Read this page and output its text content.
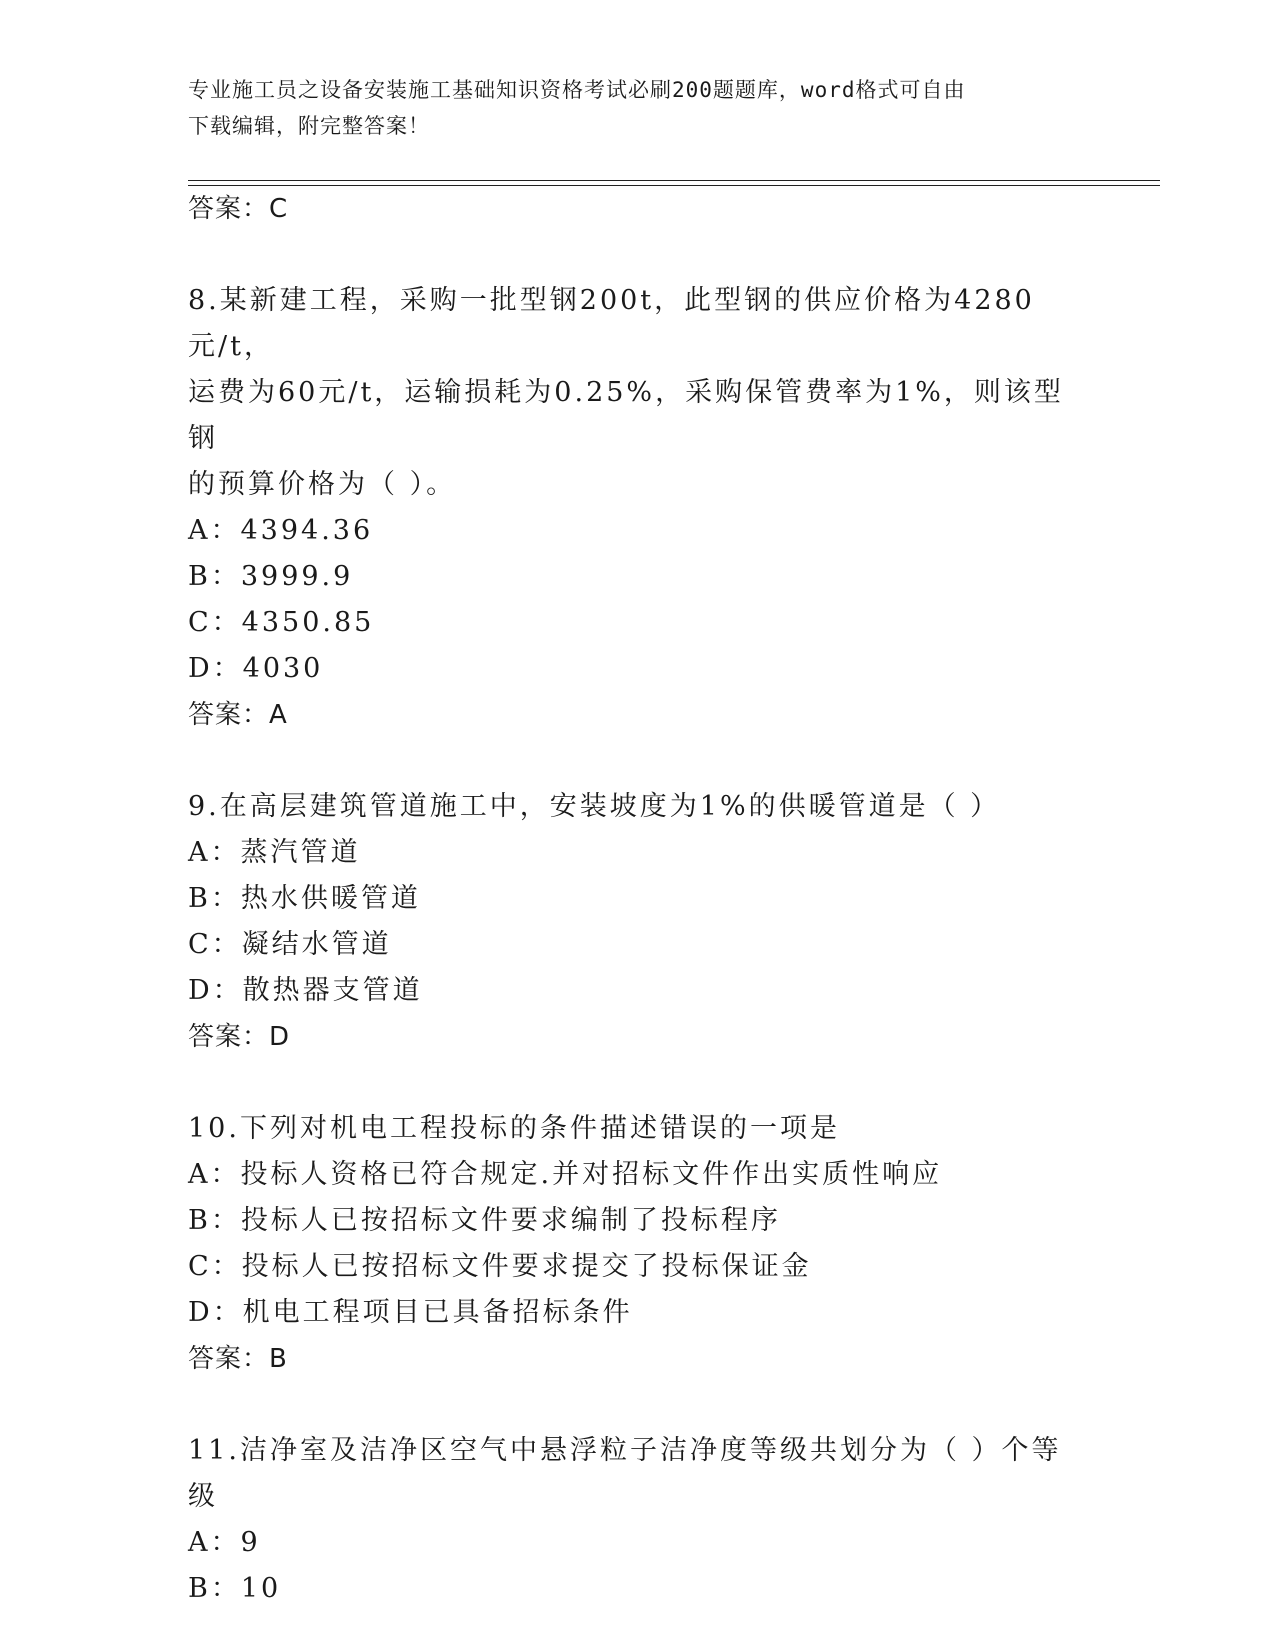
专业施工员之设备安装施工基础知识资格考试必刷200题题库，word格式可自由
下载编辑，附完整答案！
答案：C
8.某新建工程，采购一批型钢200t，此型钢的供应价格为4280元/t，
运费为60元/t，运输损耗为0.25%，采购保管费率为1%，则该型钢
的预算价格为（ ）。
A：4394.36
B：3999.9
C：4350.85
D：4030
答案：A
9.在高层建筑管道施工中，安装坡度为1%的供暖管道是（ ）
A：蒸汽管道
B：热水供暖管道
C：凝结水管道
D：散热器支管道
答案：D
10.下列对机电工程投标的条件描述错误的一项是
A：投标人资格已符合规定.并对招标文件作出实质性响应
B：投标人已按招标文件要求编制了投标程序
C：投标人已按招标文件要求提交了投标保证金
D：机电工程项目已具备招标条件
答案：B
11.洁净室及洁净区空气中悬浮粒子洁净度等级共划分为（ ）个等级
A：9
B：10
